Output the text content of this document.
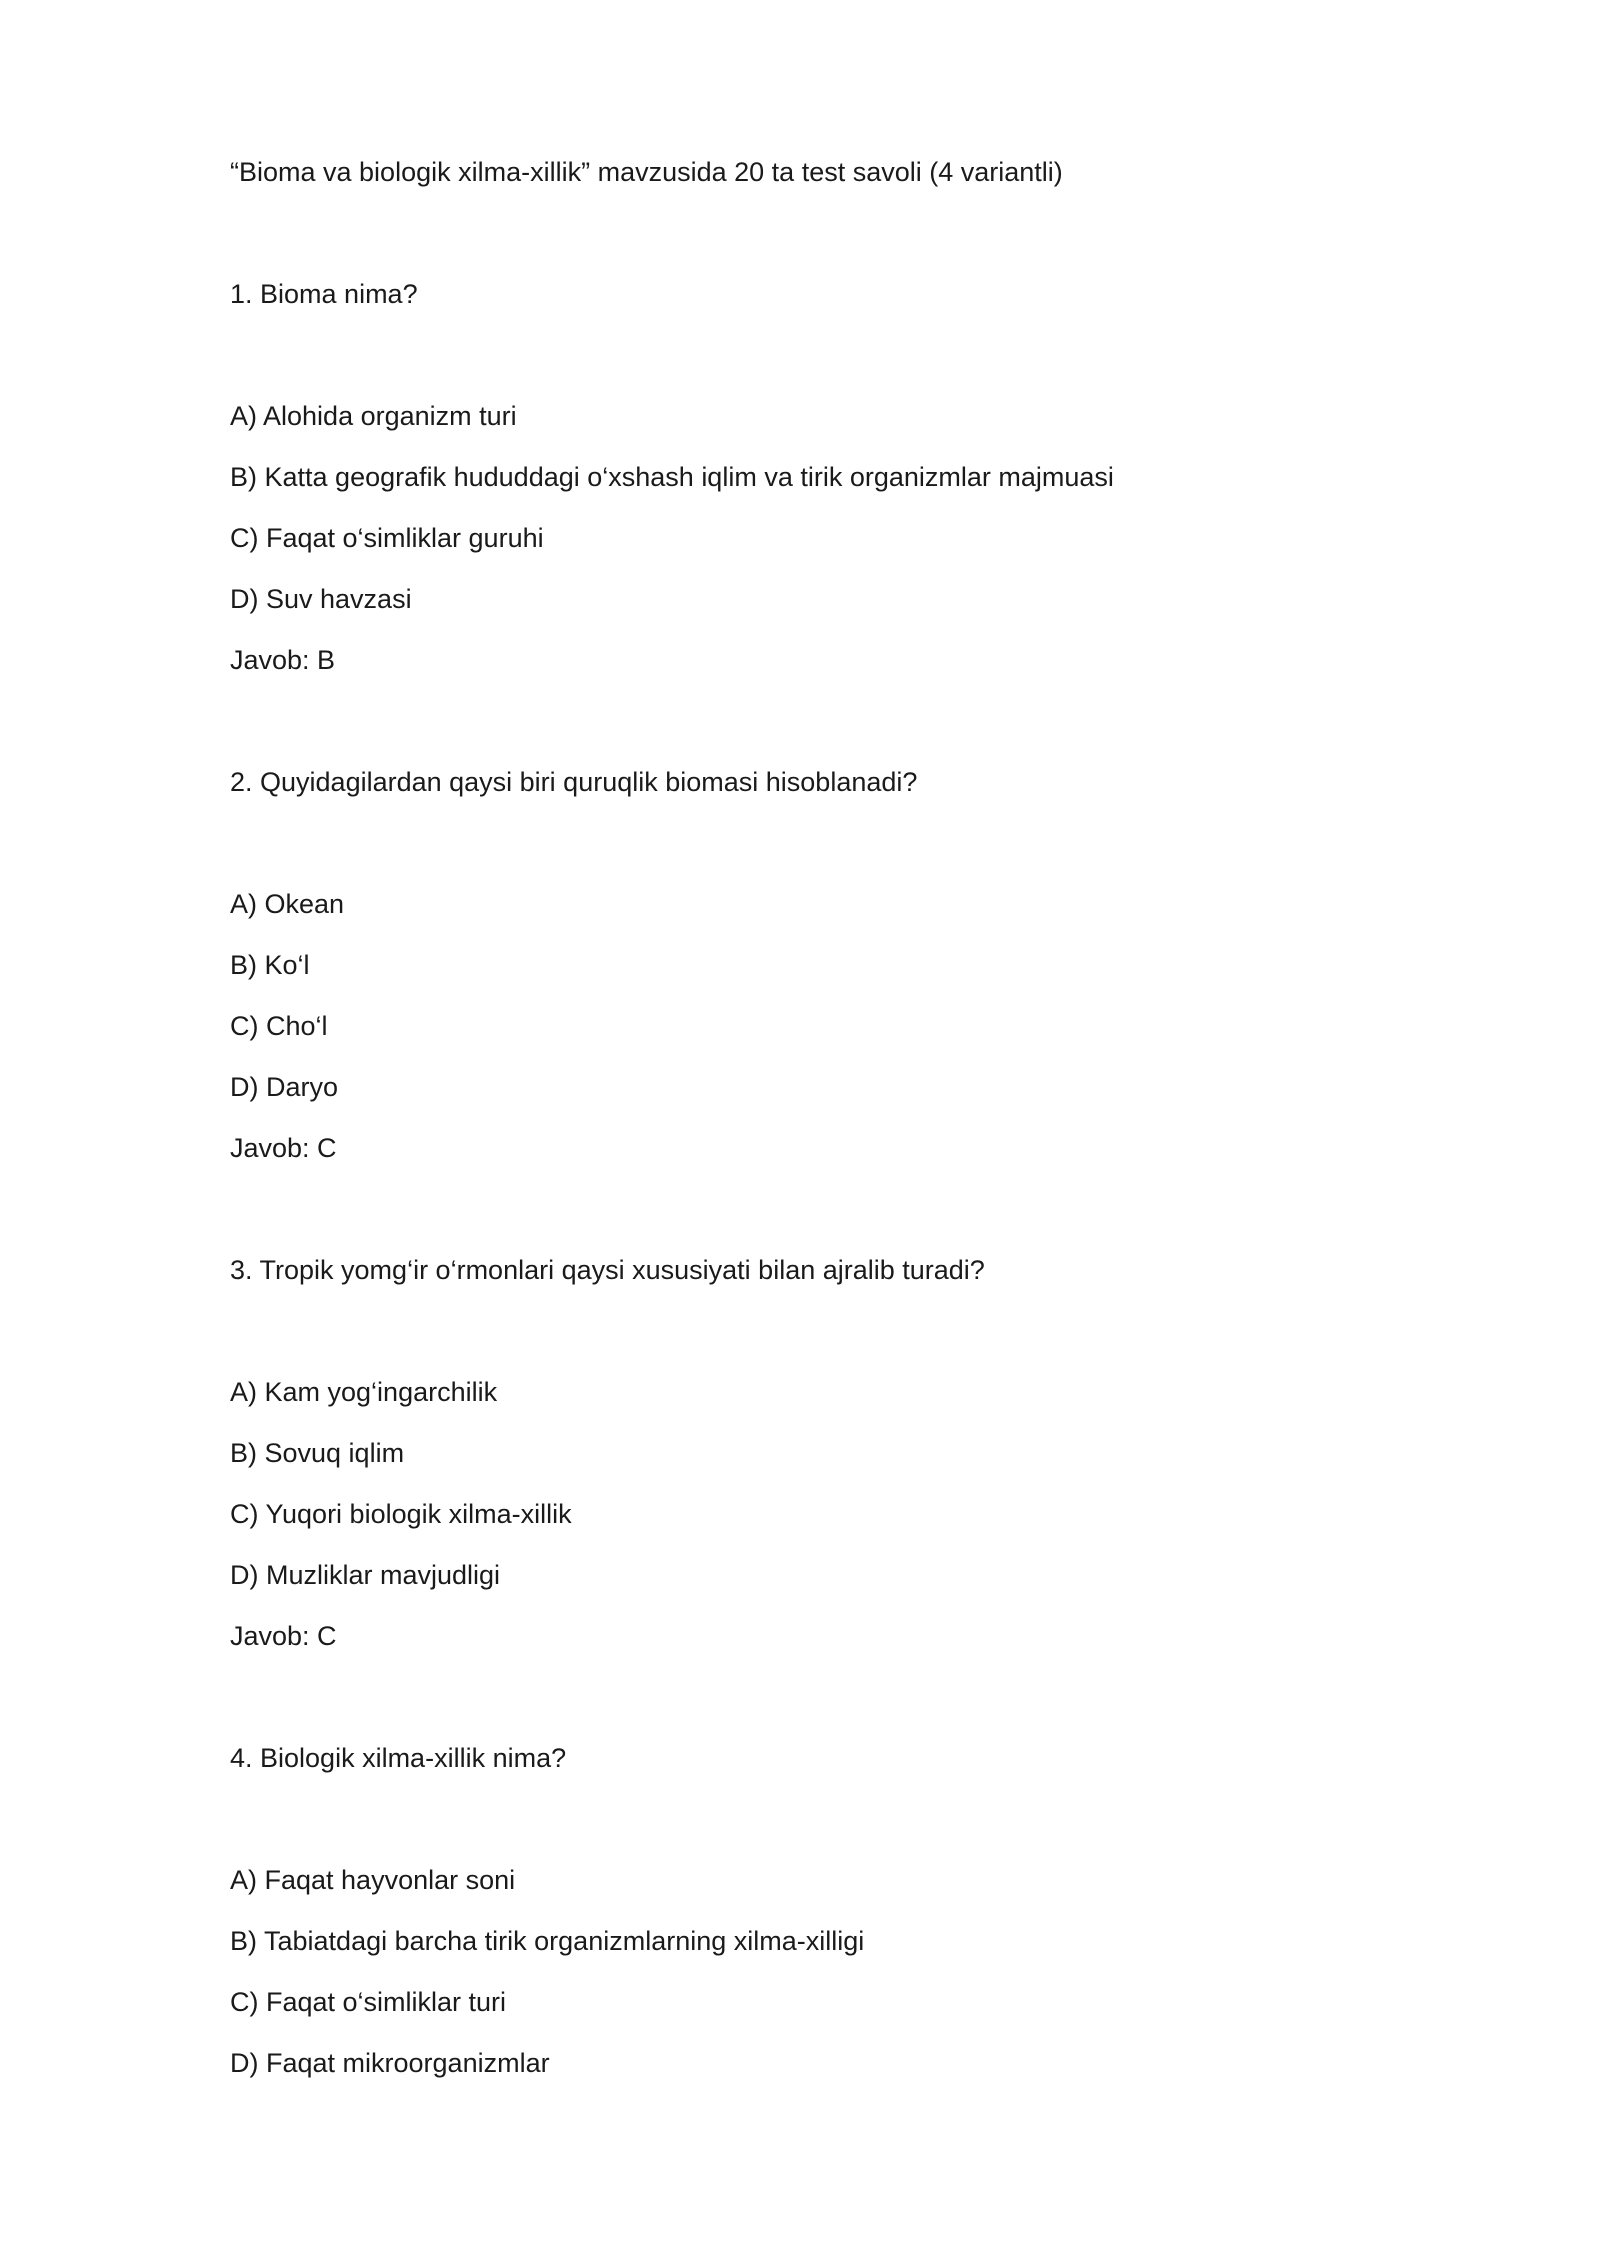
“Bioma va biologik xilma-xillik” mavzusida 20 ta test savoli (4 variantli)
1. Bioma nima?
A) Alohida organizm turi
B) Katta geografik hududdagi o‘xshash iqlim va tirik organizmlar majmuasi
C) Faqat o‘simliklar guruhi
D) Suv havzasi
Javob: B
2. Quyidagilardan qaysi biri quruqlik biomasi hisoblanadi?
A) Okean
B) Ko‘l
C) Cho‘l
D) Daryo
Javob: C
3. Tropik yomg‘ir o‘rmonlari qaysi xususiyati bilan ajralib turadi?
A) Kam yog‘ingarchilik
B) Sovuq iqlim
C) Yuqori biologik xilma-xillik
D) Muzliklar mavjudligi
Javob: C
4. Biologik xilma-xillik nima?
A) Faqat hayvonlar soni
B) Tabiatdagi barcha tirik organizmlarning xilma-xilligi
C) Faqat o‘simliklar turi
D) Faqat mikroorganizmlar
